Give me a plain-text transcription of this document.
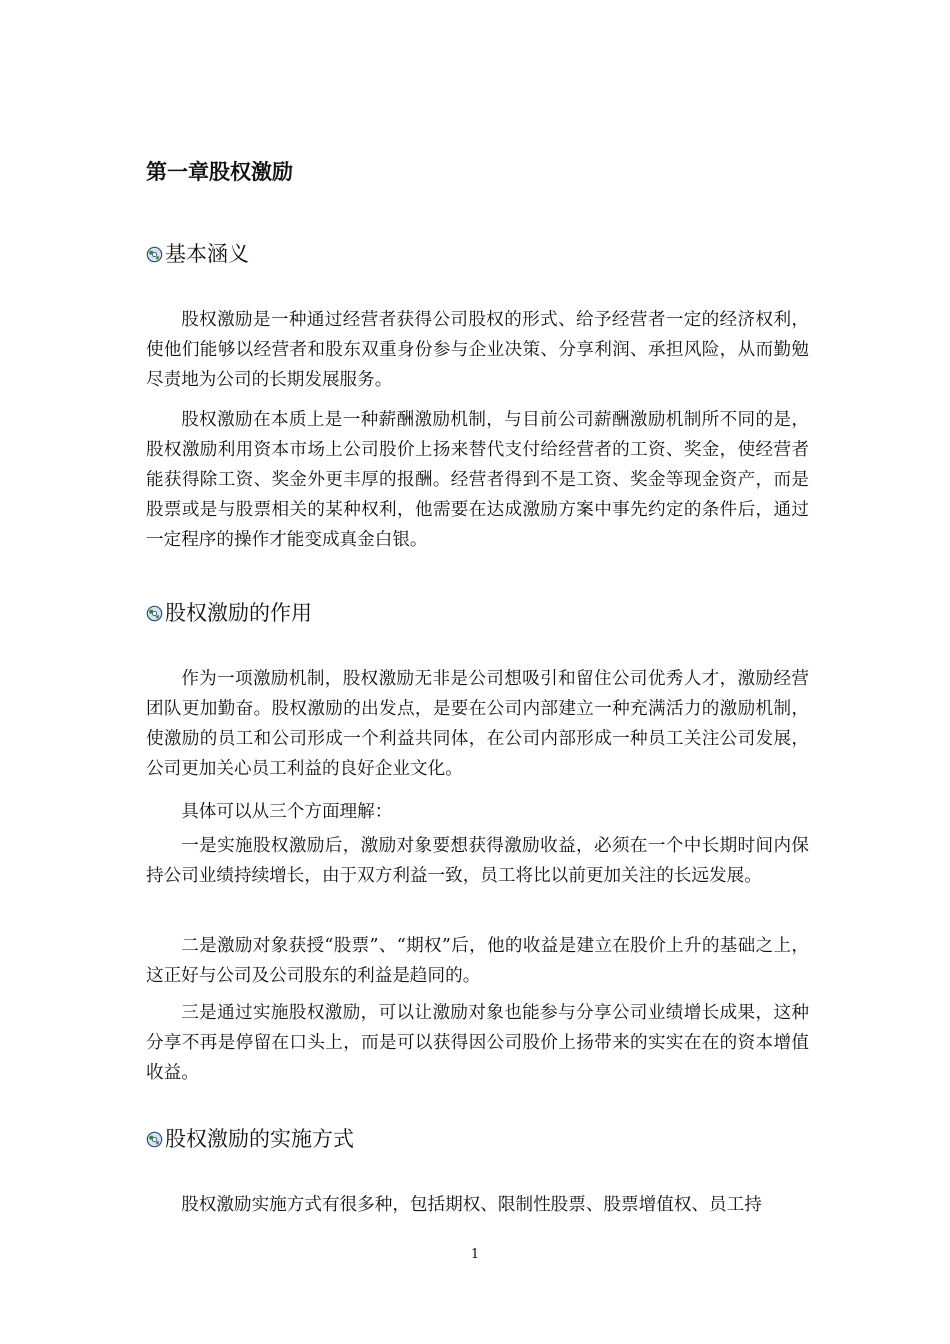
第一章股权激励
基本涵义

股权激励是一种通过经营者获得公司股权的形式、给予经营者一定的经济权利，使他们能够以经营者和股东双重身份参与企业决策、分享利润、承担风险，从而勤勉尽责地为公司的长期发展服务。

股权激励在本质上是一种薪酬激励机制，与目前公司薪酬激励机制所不同的是，股权激励利用资本市场上公司股价上扬来替代支付给经营者的工资、奖金，使经营者能获得除工资、奖金外更丰厚的报酬。经营者得到不是工资、奖金等现金资产，而是股票或是与股票相关的某种权利，他需要在达成激励方案中事先约定的条件后，通过一定程序的操作才能变成真金白银。

股权激励的作用

作为一项激励机制，股权激励无非是公司想吸引和留住公司优秀人才，激励经营团队更加勤奋。股权激励的出发点，是要在公司内部建立一种充满活力的激励机制，使激励的员工和公司形成一个利益共同体，在公司内部形成一种员工关注公司发展，公司更加关心员工利益的良好企业文化。

具体可以从三个方面理解：

一是实施股权激励后，激励对象要想获得激励收益，必须在一个中长期时间内保持公司业绩持续增长，由于双方利益一致，员工将比以前更加关注的长远发展。

二是激励对象获授“股票”、“期权”后，他的收益是建立在股价上升的基础之上，这正好与公司及公司股东的利益是趋同的。

三是通过实施股权激励，可以让激励对象也能参与分享公司业绩增长成果，这种分享不再是停留在口头上，而是可以获得因公司股价上扬带来的实实在在的资本增值收益。

股权激励的实施方式

股权激励实施方式有很多种，包括期权、限制性股票、股票增值权、员工持

1
